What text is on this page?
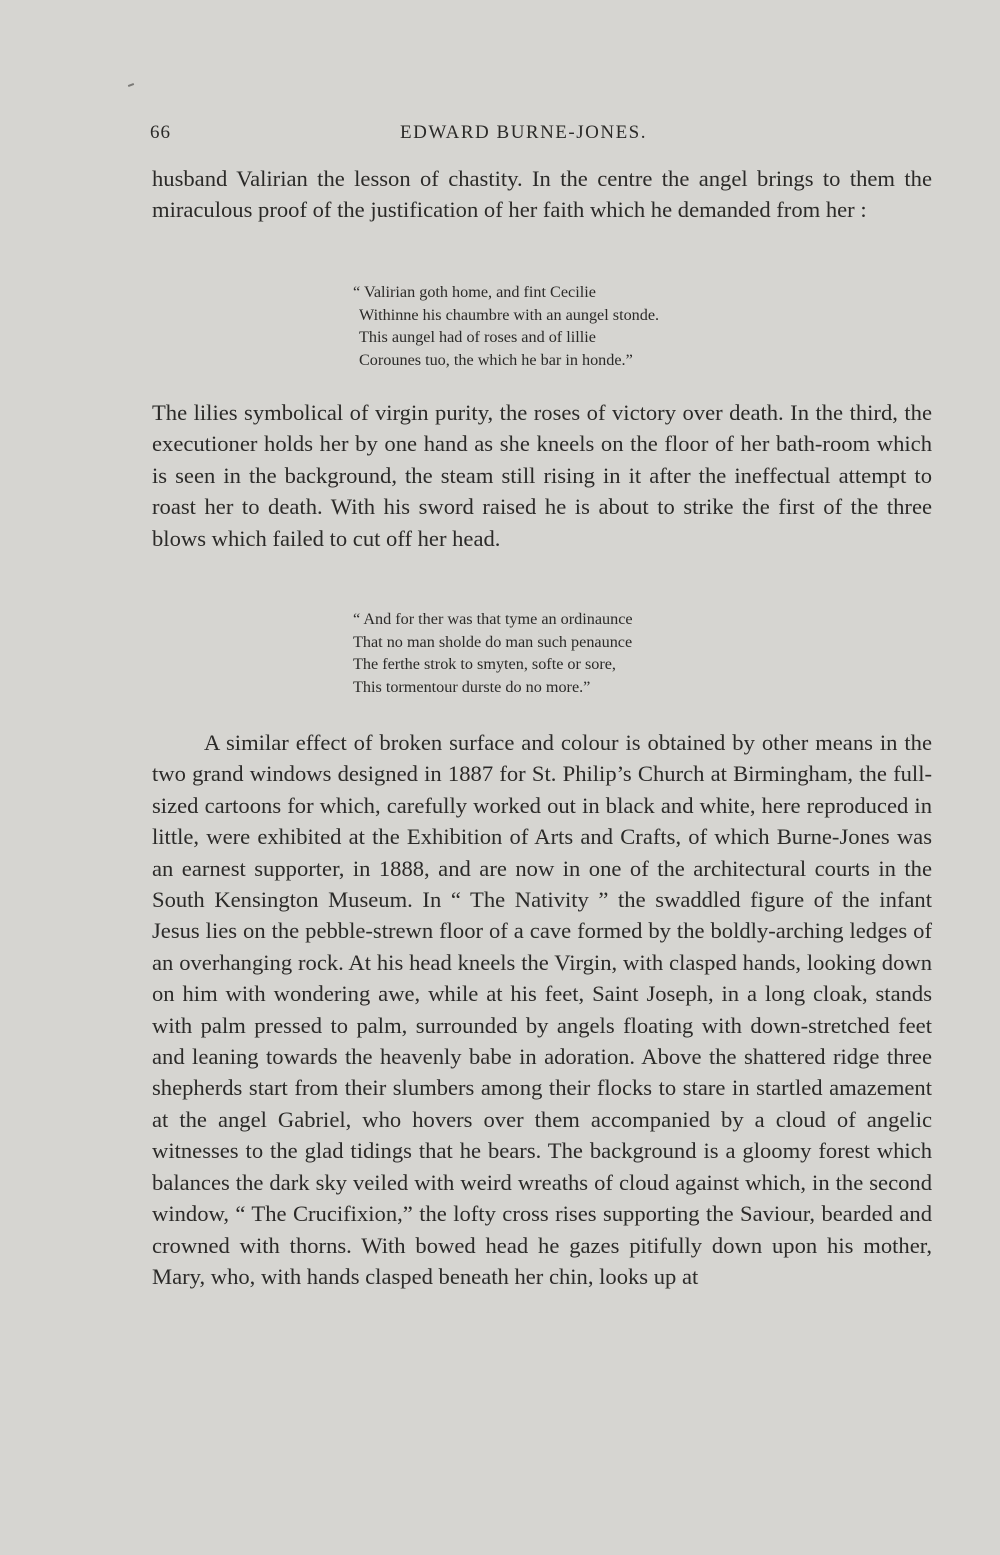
66	EDWARD BURNE-JONES.

husband Valirian the lesson of chastity. In the centre the angel brings to them the miraculous proof of the justification of her faith which he demanded from her :

“ Valirian goth home, and fint Cecilie
Withinne his chaumbre with an aungel stonde.
This aungel had of roses and of lillie
Corounes tuo, the which he bar in honde.”

The lilies symbolical of virgin purity, the roses of victory over death. In the third, the executioner holds her by one hand as she kneels on the floor of her bath-room which is seen in the background, the steam still rising in it after the ineffectual attempt to roast her to death. With his sword raised he is about to strike the first of the three blows which failed to cut off her head.

“ And for ther was that tyme an ordinaunce
That no man sholde do man such penaunce
The ferthe strok to smyten, softe or sore,
This tormentour durste do no more.”

A similar effect of broken surface and colour is obtained by other means in the two grand windows designed in 1887 for St. Philip’s Church at Birmingham, the full-sized cartoons for which, carefully worked out in black and white, here reproduced in little, were exhibited at the Exhibition of Arts and Crafts, of which Burne-Jones was an earnest supporter, in 1888, and are now in one of the architectural courts in the South Kensington Museum. In “ The Nativity ” the swaddled figure of the infant Jesus lies on the pebble-strewn floor of a cave formed by the boldly-arching ledges of an overhanging rock. At his head kneels the Virgin, with clasped hands, looking down on him with wondering awe, while at his feet, Saint Joseph, in a long cloak, stands with palm pressed to palm, surrounded by angels floating with down-stretched feet and leaning towards the heavenly babe in adoration. Above the shattered ridge three shepherds start from their slumbers among their flocks to stare in startled amazement at the angel Gabriel, who hovers over them accompanied by a cloud of angelic witnesses to the glad tidings that he bears. The background is a gloomy forest which balances the dark sky veiled with weird wreaths of cloud against which, in the second window, “ The Crucifixion,” the lofty cross rises supporting the Saviour, bearded and crowned with thorns. With bowed head he gazes pitifully down upon his mother, Mary, who, with hands clasped beneath her chin, looks up at
